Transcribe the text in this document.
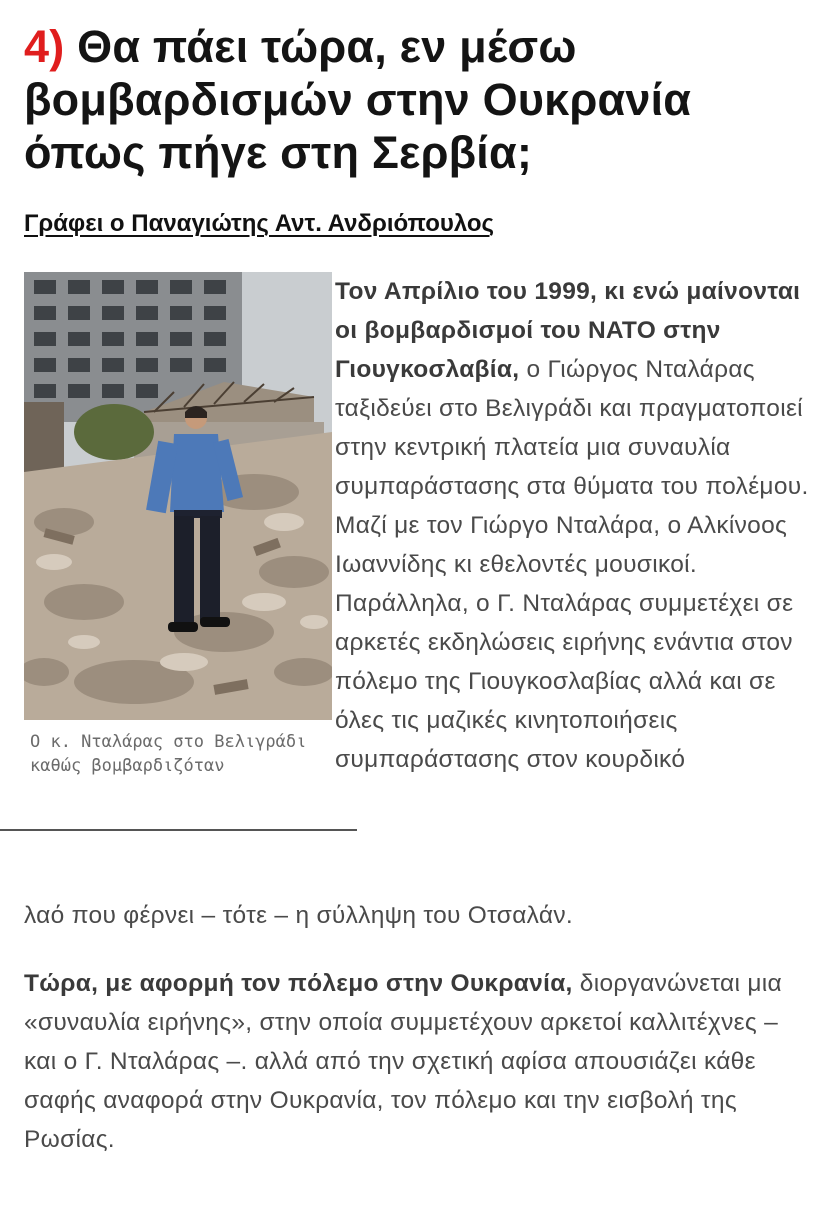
4) Θα πάει τώρα, εν μέσω βομβαρδισμών στην Ουκρανία όπως πήγε στη Σερβία;
Γράφει ο Παναγιώτης Αντ. Ανδριόπουλος
Ο κ. Νταλάρας στο Βελιγράδι καθώς βομβαρδιζόταν

Τον Απρίλιο του 1999, κι ενώ μαίνονται οι βομβαρδισμοί του ΝΑΤΟ στην Γιουγκοσλαβία, ο Γιώργος Νταλάρας ταξιδεύει στο Βελιγράδι και πραγματοποιεί στην κεντρική πλατεία μια συναυλία συμπαράστασης στα θύματα του πολέμου. Μαζί με τον Γιώργο Νταλάρα, ο Αλκίνοος Ιωαννίδης κι εθελοντές μουσικοί. Παράλληλα, ο Γ. Νταλάρας συμμετέχει σε αρκετές εκδηλώσεις ειρήνης ενάντια στον πόλεμο της Γιουγκοσλαβίας αλλά και σε όλες τις μαζικές κινητοποιήσεις συμπαράστασης στον κουρδικό

λαό που φέρνει – τότε – η σύλληψη του Οτσαλάν.

Τώρα, με αφορμή τον πόλεμο στην Ουκρανία, διοργανώνεται μια «συναυλία ειρήνης», στην οποία συμμετέχουν αρκετοί καλλιτέχνες – και ο Γ. Νταλάρας –. αλλά από την σχετική αφίσα απουσιάζει κάθε σαφής αναφορά στην Ουκρανία, τον πόλεμο και την εισβολή της Ρωσίας.
